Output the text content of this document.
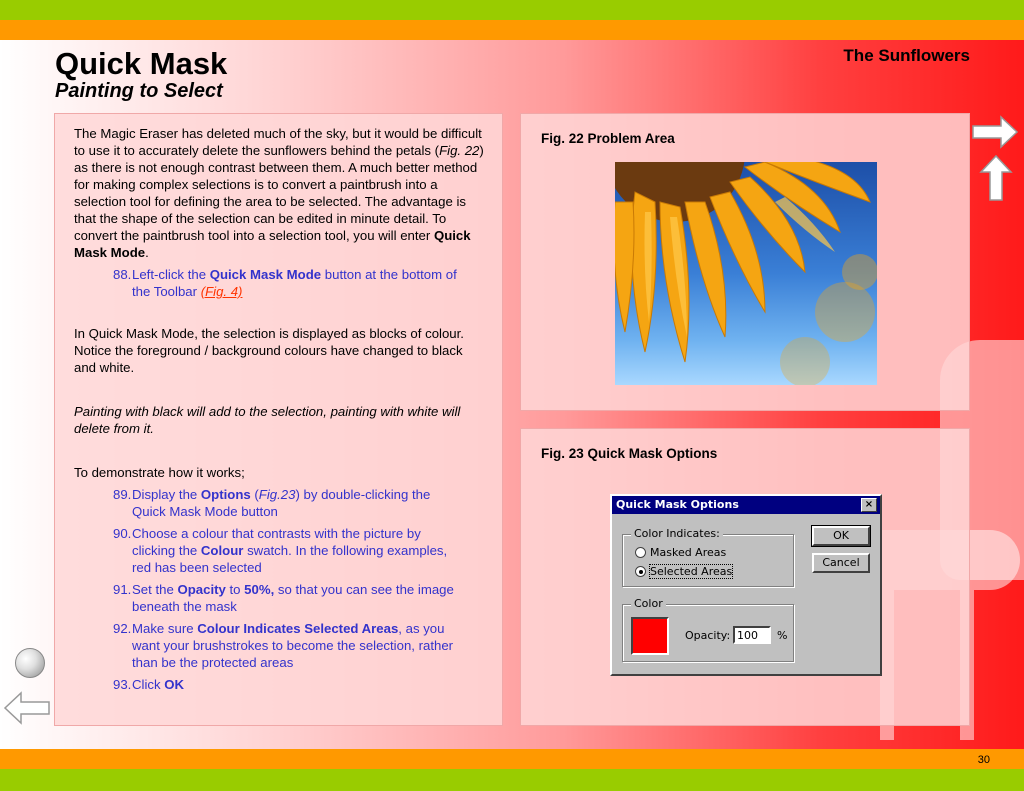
Quick Mask
Painting to Select
The Sunflowers

The Magic Eraser has deleted much of the sky, but it would be difficult to use it to accurately delete the sunflowers behind the petals (Fig. 22) as there is not enough contrast between them. A much better method for making complex selections is to convert a paintbrush into a selection tool for defining the area to be selected. The advantage is that the shape of the selection can be edited in minute detail. To convert the paintbrush tool into a selection tool, you will enter Quick Mask Mode.

88. Left-click the Quick Mask Mode button at the bottom of the Toolbar (Fig. 4)

In Quick Mask Mode, the selection is displayed as blocks of colour. Notice the foreground / background colours have changed to black and white.

Painting with black will add to the selection, painting with white will delete from it.

To demonstrate how it works;

89. Display the Options (Fig.23) by double-clicking the Quick Mask Mode button
90. Choose a colour that contrasts with the picture by clicking the Colour swatch. In the following examples, red has been selected
91. Set the Opacity to 50%, so that you can see the image beneath the mask
92. Make sure Colour Indicates Selected Areas, as you want your brushstrokes to become the selection, rather than be the protected areas
93. Click OK
Fig. 22 Problem Area
Fig. 23 Quick Mask Options
Quick Mask Options	×
Color Indicates:
Masked Areas
Selected Areas
OK
Cancel
Color
Opacity: 100	%
30
